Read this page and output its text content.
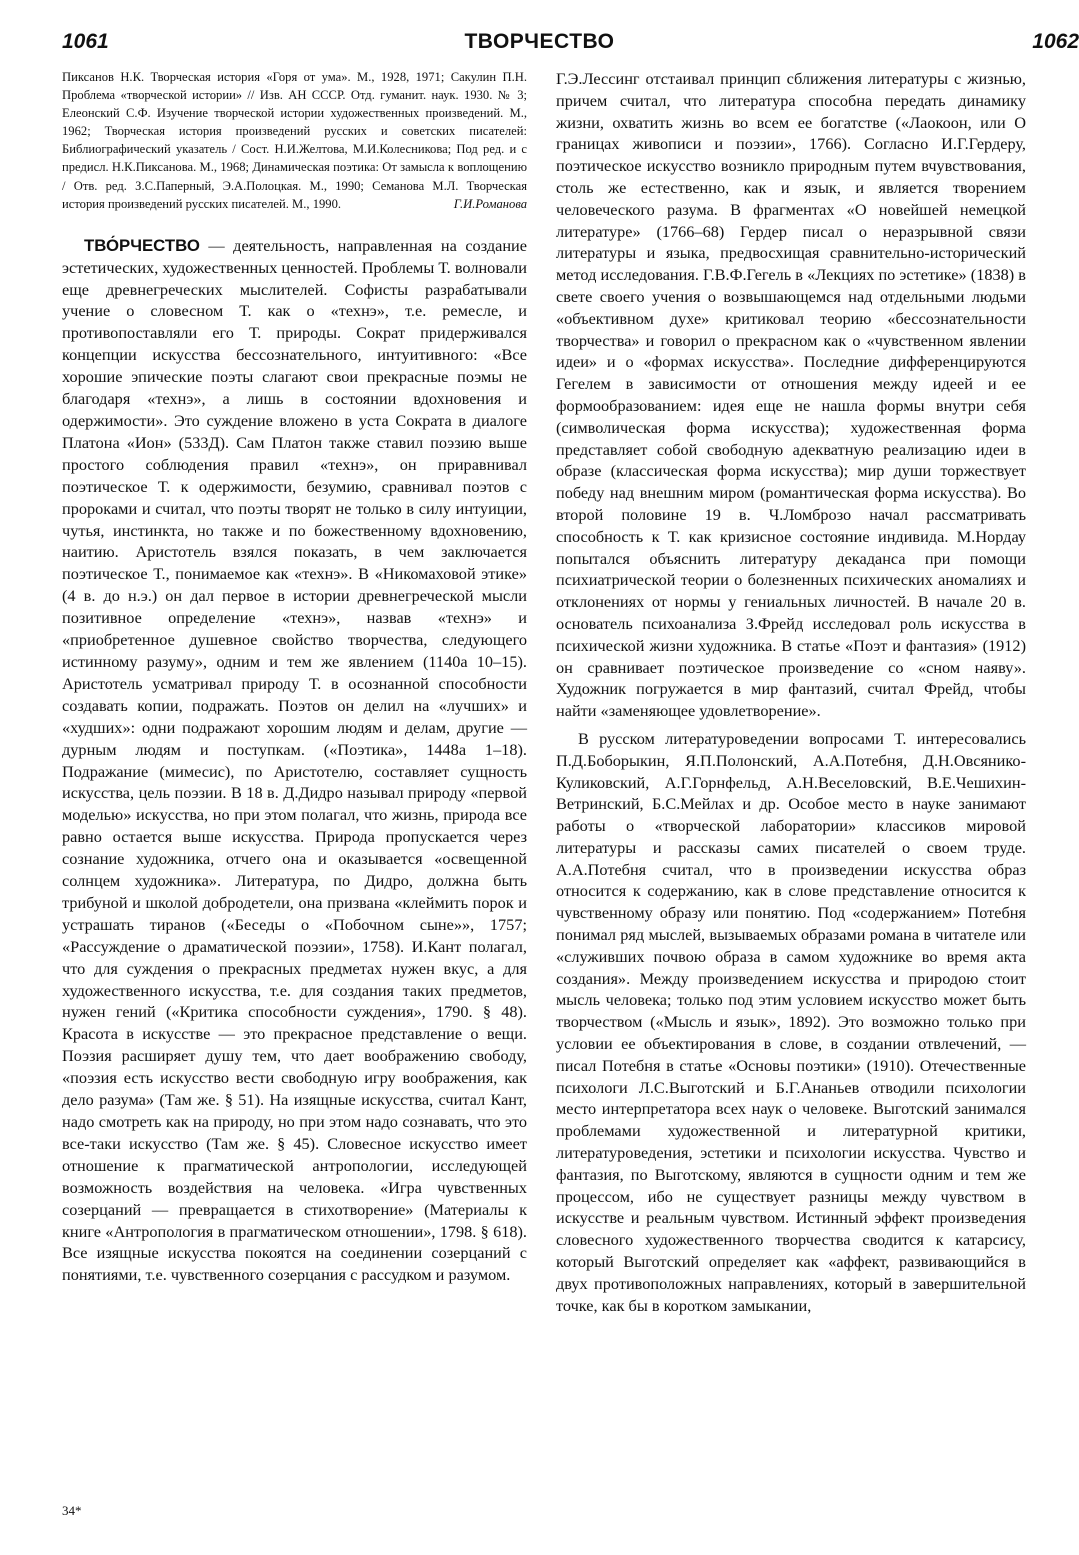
1061	ТВОРЧЕСТВО	1062
Пиксанов Н.К. Творческая история «Горя от ума». М., 1928, 1971; Сакулин П.Н. Проблема «творческой истории» // Изв. АН СССР. Отд. гуманит. наук. 1930. № 3; Елеонский С.Ф. Изучение творческой истории художественных произведений. М., 1962; Творческая история произведений русских и советских писателей: Библиографический указатель / Сост. Н.И.Желтова, М.И.Колесникова; Под ред. и с предисл. Н.К.Пиксанова. М., 1968; Динамическая поэтика: От замысла к воплощению / Отв. ред. З.С.Паперный, Э.А.Полоцкая. М., 1990; Семанова М.Л. Творческая история произведений русских писателей. М., 1990.	Г.И.Романова

ТВО́РЧЕСТВО — деятельность, направленная на создание эстетических, художественных ценностей. Проблемы Т. волновали еще древнегреческих мыслителей. Софисты разрабатывали учение о словесном Т. как о «технэ», т.е. ремесле, и противопоставляли его Т. природы. Сократ придерживался концепции искусства бессознательного, интуитивного: «Все хорошие эпические поэты слагают свои прекрасные поэмы не благодаря «технэ», а лишь в состоянии вдохновения и одержимости». Это суждение вложено в уста Сократа в диалоге Платона «Ион» (533Д). Сам Платон также ставил поэзию выше простого соблюдения правил «технэ», он приравнивал поэтическое Т. к одержимости, безумию, сравнивал поэтов с пророками и считал, что поэты творят не только в силу интуиции, чутья, инстинкта, но также и по божественному вдохновению, наитию. Аристотель взялся показать, в чем заключается поэтическое Т., понимаемое как «технэ». В «Никомаховой этике» (4 в. до н.э.) он дал первое в истории древнегреческой мысли позитивное определение «технэ», назвав «технэ» и «приобретенное душевное свойство творчества, следующего истинному разуму», одним и тем же явлением (1140а 10–15). Аристотель усматривал природу Т. в осознанной способности создавать копии, подражать. Поэтов он делил на «лучших» и «худших»: одни подражают хорошим людям и делам, другие — дурным людям и поступкам. («Поэтика», 1448а 1–18). Подражание (мимесис), по Аристотелю, составляет сущность искусства, цель поэзии. В 18 в. Д.Дидро называл природу «первой моделью» искусства, но при этом полагал, что жизнь, природа все равно остается выше искусства. Природа пропускается через сознание художника, отчего она и оказывается «освещенной солнцем художника». Литература, по Дидро, должна быть трибуной и школой добродетели, она призвана «клеймить порок и устрашать тиранов («Беседы о «Побочном сыне»», 1757; «Рассуждение о драматической поэзии», 1758). И.Кант полагал, что для суждения о прекрасных предметах нужен вкус, а для художественного искусства, т.е. для создания таких предметов, нужен гений («Критика способности суждения», 1790. § 48). Красота в искусстве — это прекрасное представление о вещи. Поэзия расширяет душу тем, что дает воображению свободу, «поэзия есть искусство вести свободную игру воображения, как дело разума» (Там же. § 51). На изящные искусства, считал Кант, надо смотреть как на природу, но при этом надо сознавать, что это все-таки искусство (Там же. § 45). Словесное искусство имеет отношение к прагматической антропологии, исследующей возможность воздействия на человека. «Игра чувственных созерцаний — превращается в стихотворение» (Материалы к книге «Антропология в прагматическом отношении», 1798. § 618). Все изящные искусства покоятся на соединении созерцаний с понятиями, т.е. чувственного созерцания с рассудком и разумом.

Г.Э.Лессинг отстаивал принцип сближения литературы с жизнью, причем считал, что литература способна передать динамику жизни, охватить жизнь во всем ее богатстве («Лаокоон, или О границах живописи и поэзии», 1766). Согласно И.Г.Гердеру, поэтическое искусство возникло природным путем вчувствования, столь же естественно, как и язык, и является творением человеческого разума. В фрагментах «О новейшей немецкой литературе» (1766–68) Гердер писал о неразрывной связи литературы и языка, предвосхищая сравнительно-исторический метод исследования. Г.В.Ф.Гегель в «Лекциях по эстетике» (1838) в свете своего учения о возвышающемся над отдельными людьми «объективном духе» критиковал теорию «бессознательности творчества» и говорил о прекрасном как о «чувственном явлении идеи» и о «формах искусства». Последние дифференцируются Гегелем в зависимости от отношения между идеей и ее формообразованием: идея еще не нашла формы внутри себя (символическая форма искусства); художественная форма представляет собой свободную адекватную реализацию идеи в образе (классическая форма искусства); мир души торжествует победу над внешним миром (романтическая форма искусства). Во второй половине 19 в. Ч.Ломброзо начал рассматривать способность к Т. как кризисное состояние индивида. М.Нордау попытался объяснить литературу декаданса при помощи психиатрической теории о болезненных психических аномалиях и отклонениях от нормы у гениальных личностей. В начале 20 в. основатель психоанализа З.Фрейд исследовал роль искусства в психической жизни художника. В статье «Поэт и фантазия» (1912) он сравнивает поэтическое произведение со «сном наяву». Художник погружается в мир фантазий, считал Фрейд, чтобы найти «заменяющее удовлетворение».

В русском литературоведении вопросами Т. интересовались П.Д.Боборыкин, Я.П.Полонский, А.А.Потебня, Д.Н.Овсянико-Куликовский, А.Г.Горнфельд, А.Н.Веселовский, В.Е.Чешихин-Ветринский, Б.С.Мейлах и др. Особое место в науке занимают работы о «творческой лаборатории» классиков мировой литературы и рассказы самих писателей о своем труде. А.А.Потебня считал, что в произведении искусства образ относится к содержанию, как в слове представление относится к чувственному образу или понятию. Под «содержанием» Потебня понимал ряд мыслей, вызываемых образами романа в читателе или «служивших почвою образа в самом художнике во время акта создания». Между произведением искусства и природою стоит мысль человека; только под этим условием искусство может быть творчеством («Мысль и язык», 1892). Это возможно только при условии ее объектирования в слове, в создании отвлечений, — писал Потебня в статье «Основы поэтики» (1910). Отечественные психологи Л.С.Выготский и Б.Г.Ананьев отводили психологии место интерпретатора всех наук о человеке. Выготский занимался проблемами художественной и литературной критики, литературоведения, эстетики и психологии искусства. Чувство и фантазия, по Выготскому, являются в сущности одним и тем же процессом, ибо не существует разницы между чувством в искусстве и реальным чувством. Истинный эффект произведения словесного художественного творчества сводится к катарсису, который Выготский определяет как «аффект, развивающийся в двух противоположных направлениях, который в завершительной точке, как бы в коротком замыкании,

34*
